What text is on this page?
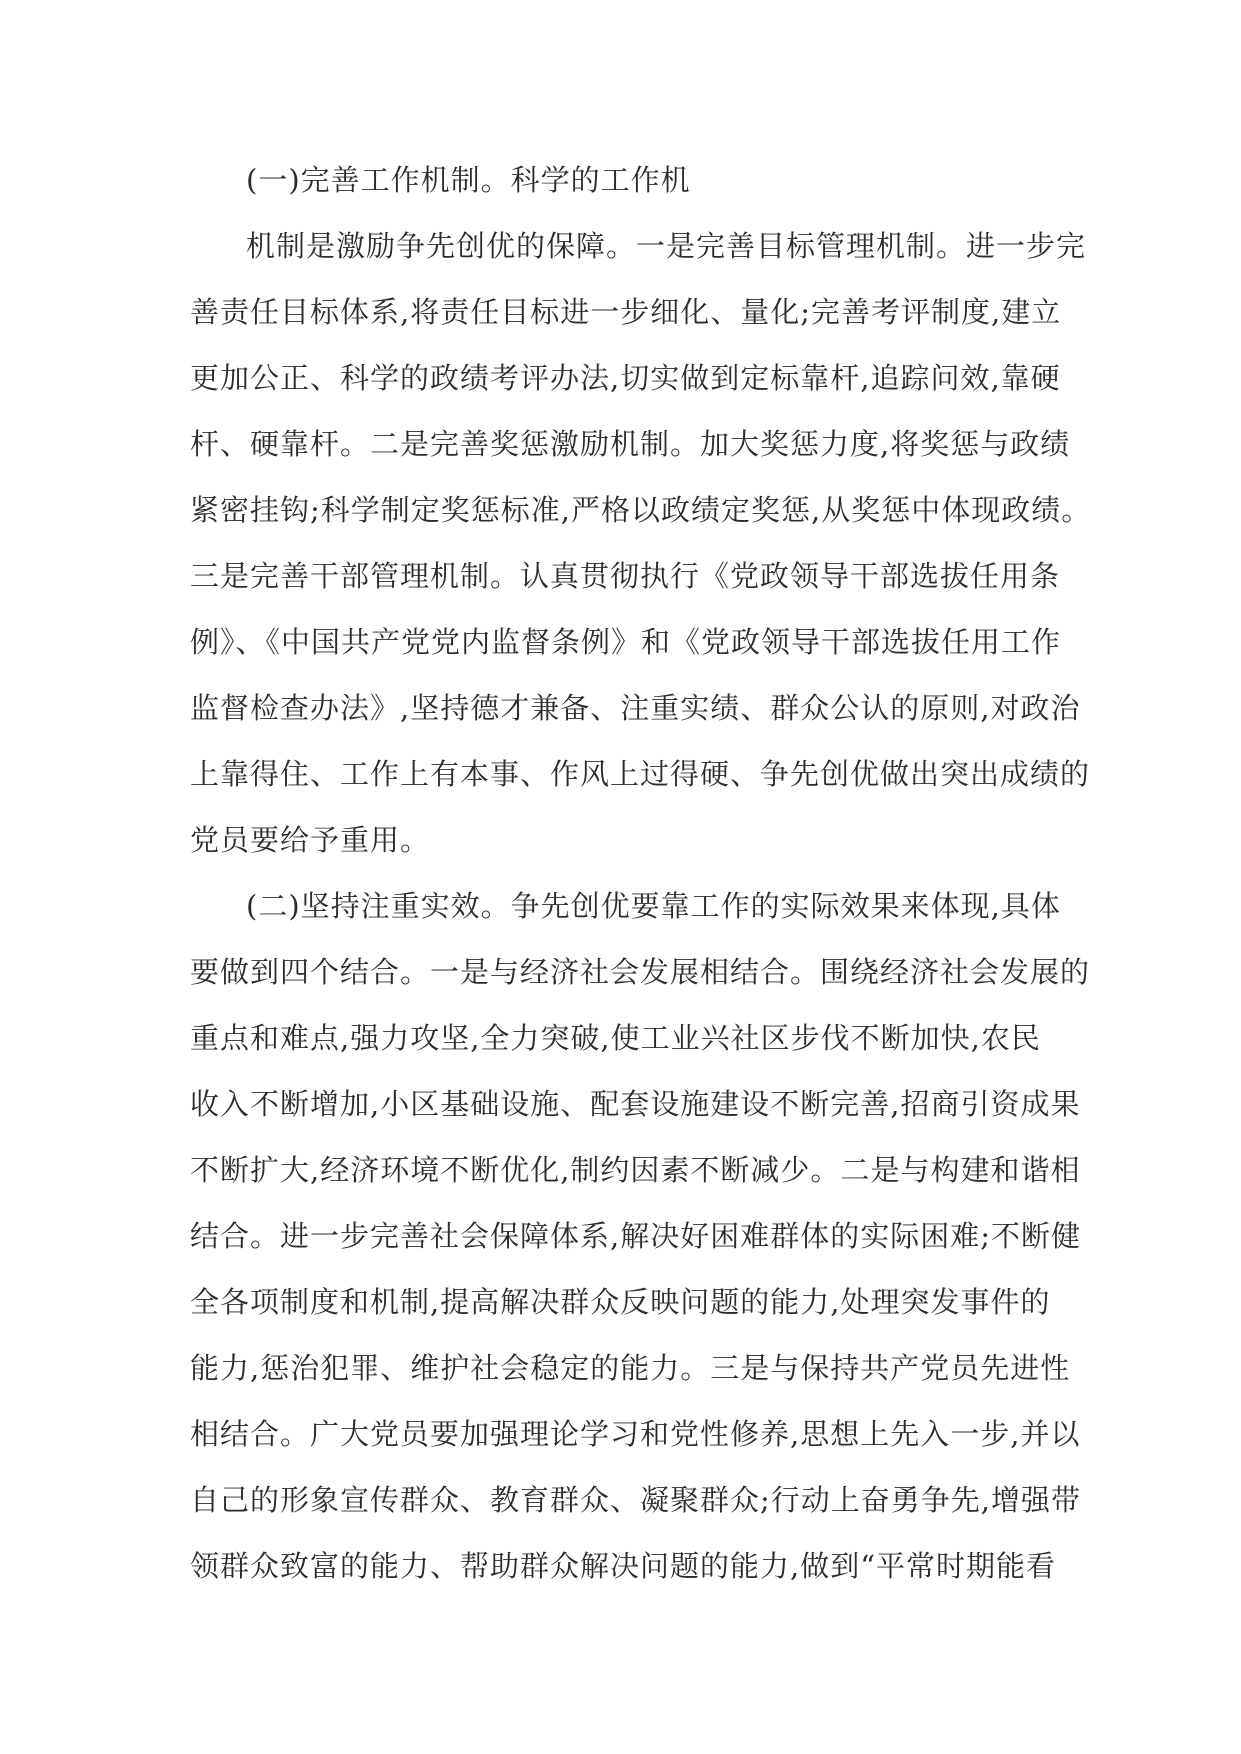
(一)完善工作机制。科学的工作机
机制是激励争先创优的保障。一是完善目标管理机制。进一步完
善责任目标体系,将责任目标进一步细化、量化;完善考评制度,建立
更加公正、科学的政绩考评办法,切实做到定标靠杆,追踪问效,靠硬
杆、硬靠杆。二是完善奖惩激励机制。加大奖惩力度,将奖惩与政绩
紧密挂钩;科学制定奖惩标准,严格以政绩定奖惩,从奖惩中体现政绩。
三是完善干部管理机制。认真贯彻执行《党政领导干部选拔任用条
例》、《中国共产党党内监督条例》和《党政领导干部选拔任用工作
监督检查办法》,坚持德才兼备、注重实绩、群众公认的原则,对政治
上靠得住、工作上有本事、作风上过得硬、争先创优做出突出成绩的
党员要给予重用。
(二)坚持注重实效。争先创优要靠工作的实际效果来体现,具体
要做到四个结合。一是与经济社会发展相结合。围绕经济社会发展的
重点和难点,强力攻坚,全力突破,使工业兴社区步伐不断加快,农民
收入不断增加,小区基础设施、配套设施建设不断完善,招商引资成果
不断扩大,经济环境不断优化,制约因素不断减少。二是与构建和谐相
结合。进一步完善社会保障体系,解决好困难群体的实际困难;不断健
全各项制度和机制,提高解决群众反映问题的能力,处理突发事件的
能力,惩治犯罪、维护社会稳定的能力。三是与保持共产党员先进性
相结合。广大党员要加强理论学习和党性修养,思想上先入一步,并以
自己的形象宣传群众、教育群众、凝聚群众;行动上奋勇争先,增强带
领群众致富的能力、帮助群众解决问题的能力,做到“平常时期能看
